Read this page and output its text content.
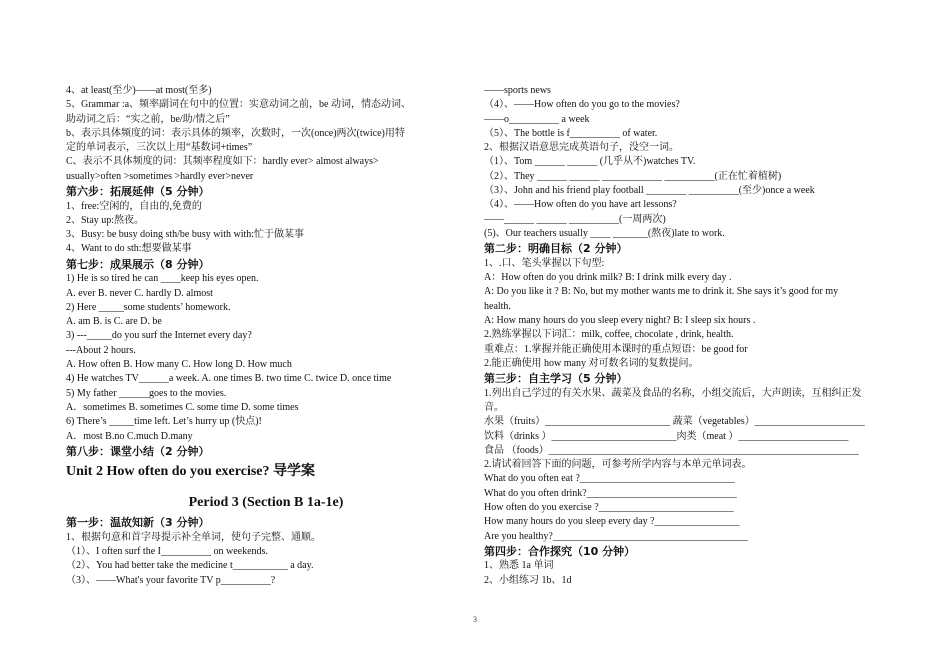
4、at least(至少)——at most(至多)
5、Grammar :a、频率副词在句中的位置：实意动词之前，be 动词，情态动词、
助动词之后：“实之前，be/助/情之后”
b、表示具体频度的词：表示具体的频率，次数时，一次(once)两次(twice)用特
定的单词表示，三次以上用“基数词+times”
C、表示不具体频度的词：其频率程度如下：hardly ever> almost always>
usually>often >sometimes >hardly ever>never
第六步：拓展延伸（5 分钟）
1、free:空闲的，自由的,免费的
2、Stay up:熬夜。
3、Busy: be busy doing sth/be busy with with:忙于做某事
4、Want to do sth:想要做某事
第七步：成果展示（8 分钟）
1) He is so tired he can ____keep his eyes open.
A. ever B. never C. hardly D. almost
2) Here _____some students’ homework.
A. am B. is C. are D. be
3) ---_____do you surf the Internet every day?
---About 2 hours.
A. How often B. How many C. How long D. How much
4) He watches TV______a week. A. one times B. two time C. twice D. once time
5) My father ______goes to the movies.
A．sometimes B. sometimes C. some time D. some times
6) There’s _____time left. Let’s hurry up (快点)!
A．most B.no C.much D.many
第八步：课堂小结（2 分钟）
Unit 2 How often do you exercise? 导学案
Period 3 (Section B 1a-1e)
第一步：温故知新（3 分钟）
1、根据句意和首字母提示补全单词，使句子完整、通顺。
（1）、I often surf the I__________ on weekends.
（2）、You had better take the medicine t___________ a day.
（3）、——What's your favorite TV p__________?
——sports news
（4）、——How often do you go to the movies?
——o__________ a week
（5）、The bottle is f__________ of water.
2、根据汉语意思完成英语句子，没空一词。
（1）、Tom ______ ______ (几乎从不)watches TV.
（2）、They ______ ______ ____________ __________(正在忙着植树)
（3）、John and his friend play football ________ __________(至少)once a week
（4）、——How often do you have art lessons?
——______ ______ __________(一周两次)
(5)、Our teachers usually ____ _______(熬夜)late to work.
第二步：明确目标（2 分钟）
1、.口、笔头掌握以下句型:
A：How often do you drink milk? B: I drink milk every day .
A: Do you like it ? B: No, but my mother wants me to drink it. She says it’s good for my
health.
A: How many hours do you sleep every night? B: I sleep six hours .
2.熟练掌握以下词汇：milk, coffee, chocolate , drink, health.
重难点：1.掌握并能正确使用本课时的重点短语：be good for
2.能正确使用 how many 对可数名词的复数提问。
第三步：自主学习（5 分钟）
1.列出自己学过的有关水果、蔬菜及食品的名称，小组交流后，大声朗读，互相纠正发
音。
水果（fruits）_________________________ 蔬菜（vegetables）______________________
饮料（drinks ）_________________________肉类（meat ）______________________
食品 （foods）______________________________________________________________
2.请试着回答下面的问题，可参考所学内容与本单元单词表。
What do you often eat ?_______________________________
What do you often drink?______________________________
How often do you exercise ?___________________________
How many hours do you sleep every day ?_________________
Are you healthy?_______________________________________
第四步：合作探究（10 分钟）
1、熟悉 1a 单词
2、小组练习 1b、1d
3
